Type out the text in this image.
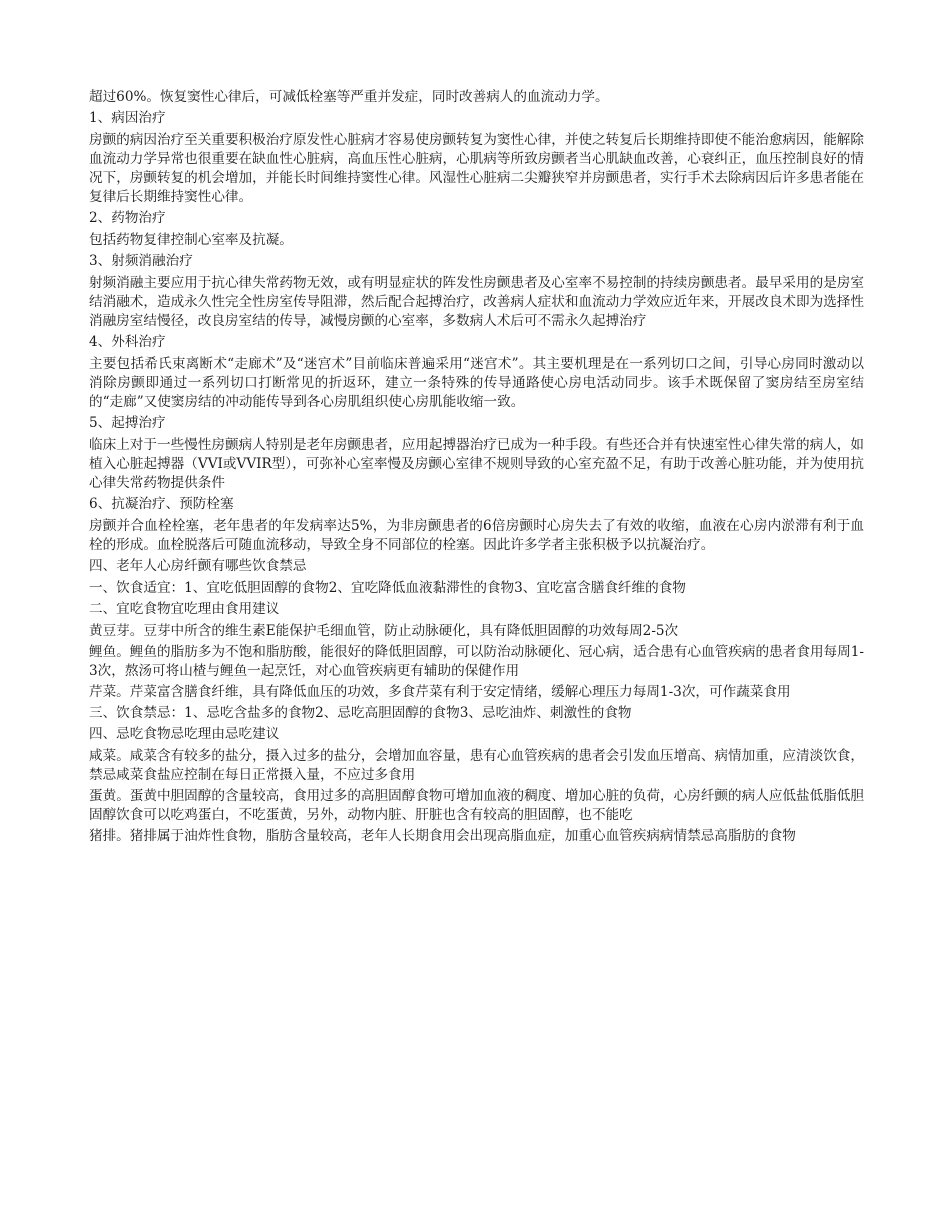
超过60%。恢复窦性心律后，可减低栓塞等严重并发症，同时改善病人的血流动力学。

1、病因治疗

房颤的病因治疗至关重要积极治疗原发性心脏病才容易使房颤转复为窦性心律，并使之转复后长期维持即使不能治愈病因，能解除血流动力学异常也很重要在缺血性心脏病，高血压性心脏病，心肌病等所致房颤者当心肌缺血改善，心衰纠正，血压控制良好的情况下，房颤转复的机会增加，并能长时间维持窦性心律。风湿性心脏病二尖瓣狭窄并房颤患者，实行手术去除病因后许多患者能在复律后长期维持窦性心律。

2、药物治疗

包括药物复律控制心室率及抗凝。

3、射频消融治疗

射频消融主要应用于抗心律失常药物无效，或有明显症状的阵发性房颤患者及心室率不易控制的持续房颤患者。最早采用的是房室结消融术，造成永久性完全性房室传导阻滞，然后配合起搏治疗，改善病人症状和血流动力学效应近年来，开展改良术即为选择性消融房室结慢径，改良房室结的传导，减慢房颤的心室率，多数病人术后可不需永久起搏治疗

4、外科治疗

主要包括希氏束离断术“走廊术”及“迷宫术”目前临床普遍采用“迷宫术”。其主要机理是在一系列切口之间，引导心房同时激动以消除房颤即通过一系列切口打断常见的折返环，建立一条特殊的传导通路使心房电活动同步。该手术既保留了窦房结至房室结的“走廊”又使窦房结的冲动能传导到各心房肌组织使心房肌能收缩一致。

5、起搏治疗

临床上对于一些慢性房颤病人特别是老年房颤患者，应用起搏器治疗已成为一种手段。有些还合并有快速室性心律失常的病人，如植入心脏起搏器（VVI或VVIR型），可弥补心室率慢及房颤心室律不规则导致的心室充盈不足，有助于改善心脏功能，并为使用抗心律失常药物提供条件

6、抗凝治疗、预防栓塞

房颤并合血栓栓塞，老年患者的年发病率达5%，为非房颤患者的6倍房颤时心房失去了有效的收缩，血液在心房内淤滞有利于血栓的形成。血栓脱落后可随血流移动，导致全身不同部位的栓塞。因此许多学者主张积极予以抗凝治疗。

四、老年人心房纤颤有哪些饮食禁忌

一、饮食适宜：1、宜吃低胆固醇的食物2、宜吃降低血液黏滞性的食物3、宜吃富含膳食纤维的食物

二、宜吃食物宜吃理由食用建议

黄豆芽。豆芽中所含的维生素E能保护毛细血管，防止动脉硬化，具有降低胆固醇的功效每周2-5次

鲤鱼。鲤鱼的脂肪多为不饱和脂肪酸，能很好的降低胆固醇，可以防治动脉硬化、冠心病，适合患有心血管疾病的患者食用每周1-3次，熬汤可将山楂与鲤鱼一起烹饪，对心血管疾病更有辅助的保健作用

芹菜。芹菜富含膳食纤维，具有降低血压的功效，多食芹菜有利于安定情绪，缓解心理压力每周1-3次，可作蔬菜食用

三、饮食禁忌：1、忌吃含盐多的食物2、忌吃高胆固醇的食物3、忌吃油炸、刺激性的食物

四、忌吃食物忌吃理由忌吃建议

咸菜。咸菜含有较多的盐分，摄入过多的盐分，会增加血容量，患有心血管疾病的患者会引发血压增高、病情加重，应清淡饮食，禁忌咸菜食盐应控制在每日正常摄入量，不应过多食用

蛋黄。蛋黄中胆固醇的含量较高，食用过多的高胆固醇食物可增加血液的稠度、增加心脏的负荷，心房纤颤的病人应低盐低脂低胆固醇饮食可以吃鸡蛋白，不吃蛋黄，另外，动物内脏、肝脏也含有较高的胆固醇，也不能吃

猪排。猪排属于油炸性食物，脂肪含量较高，老年人长期食用会出现高脂血症，加重心血管疾病病情禁忌高脂肪的食物
